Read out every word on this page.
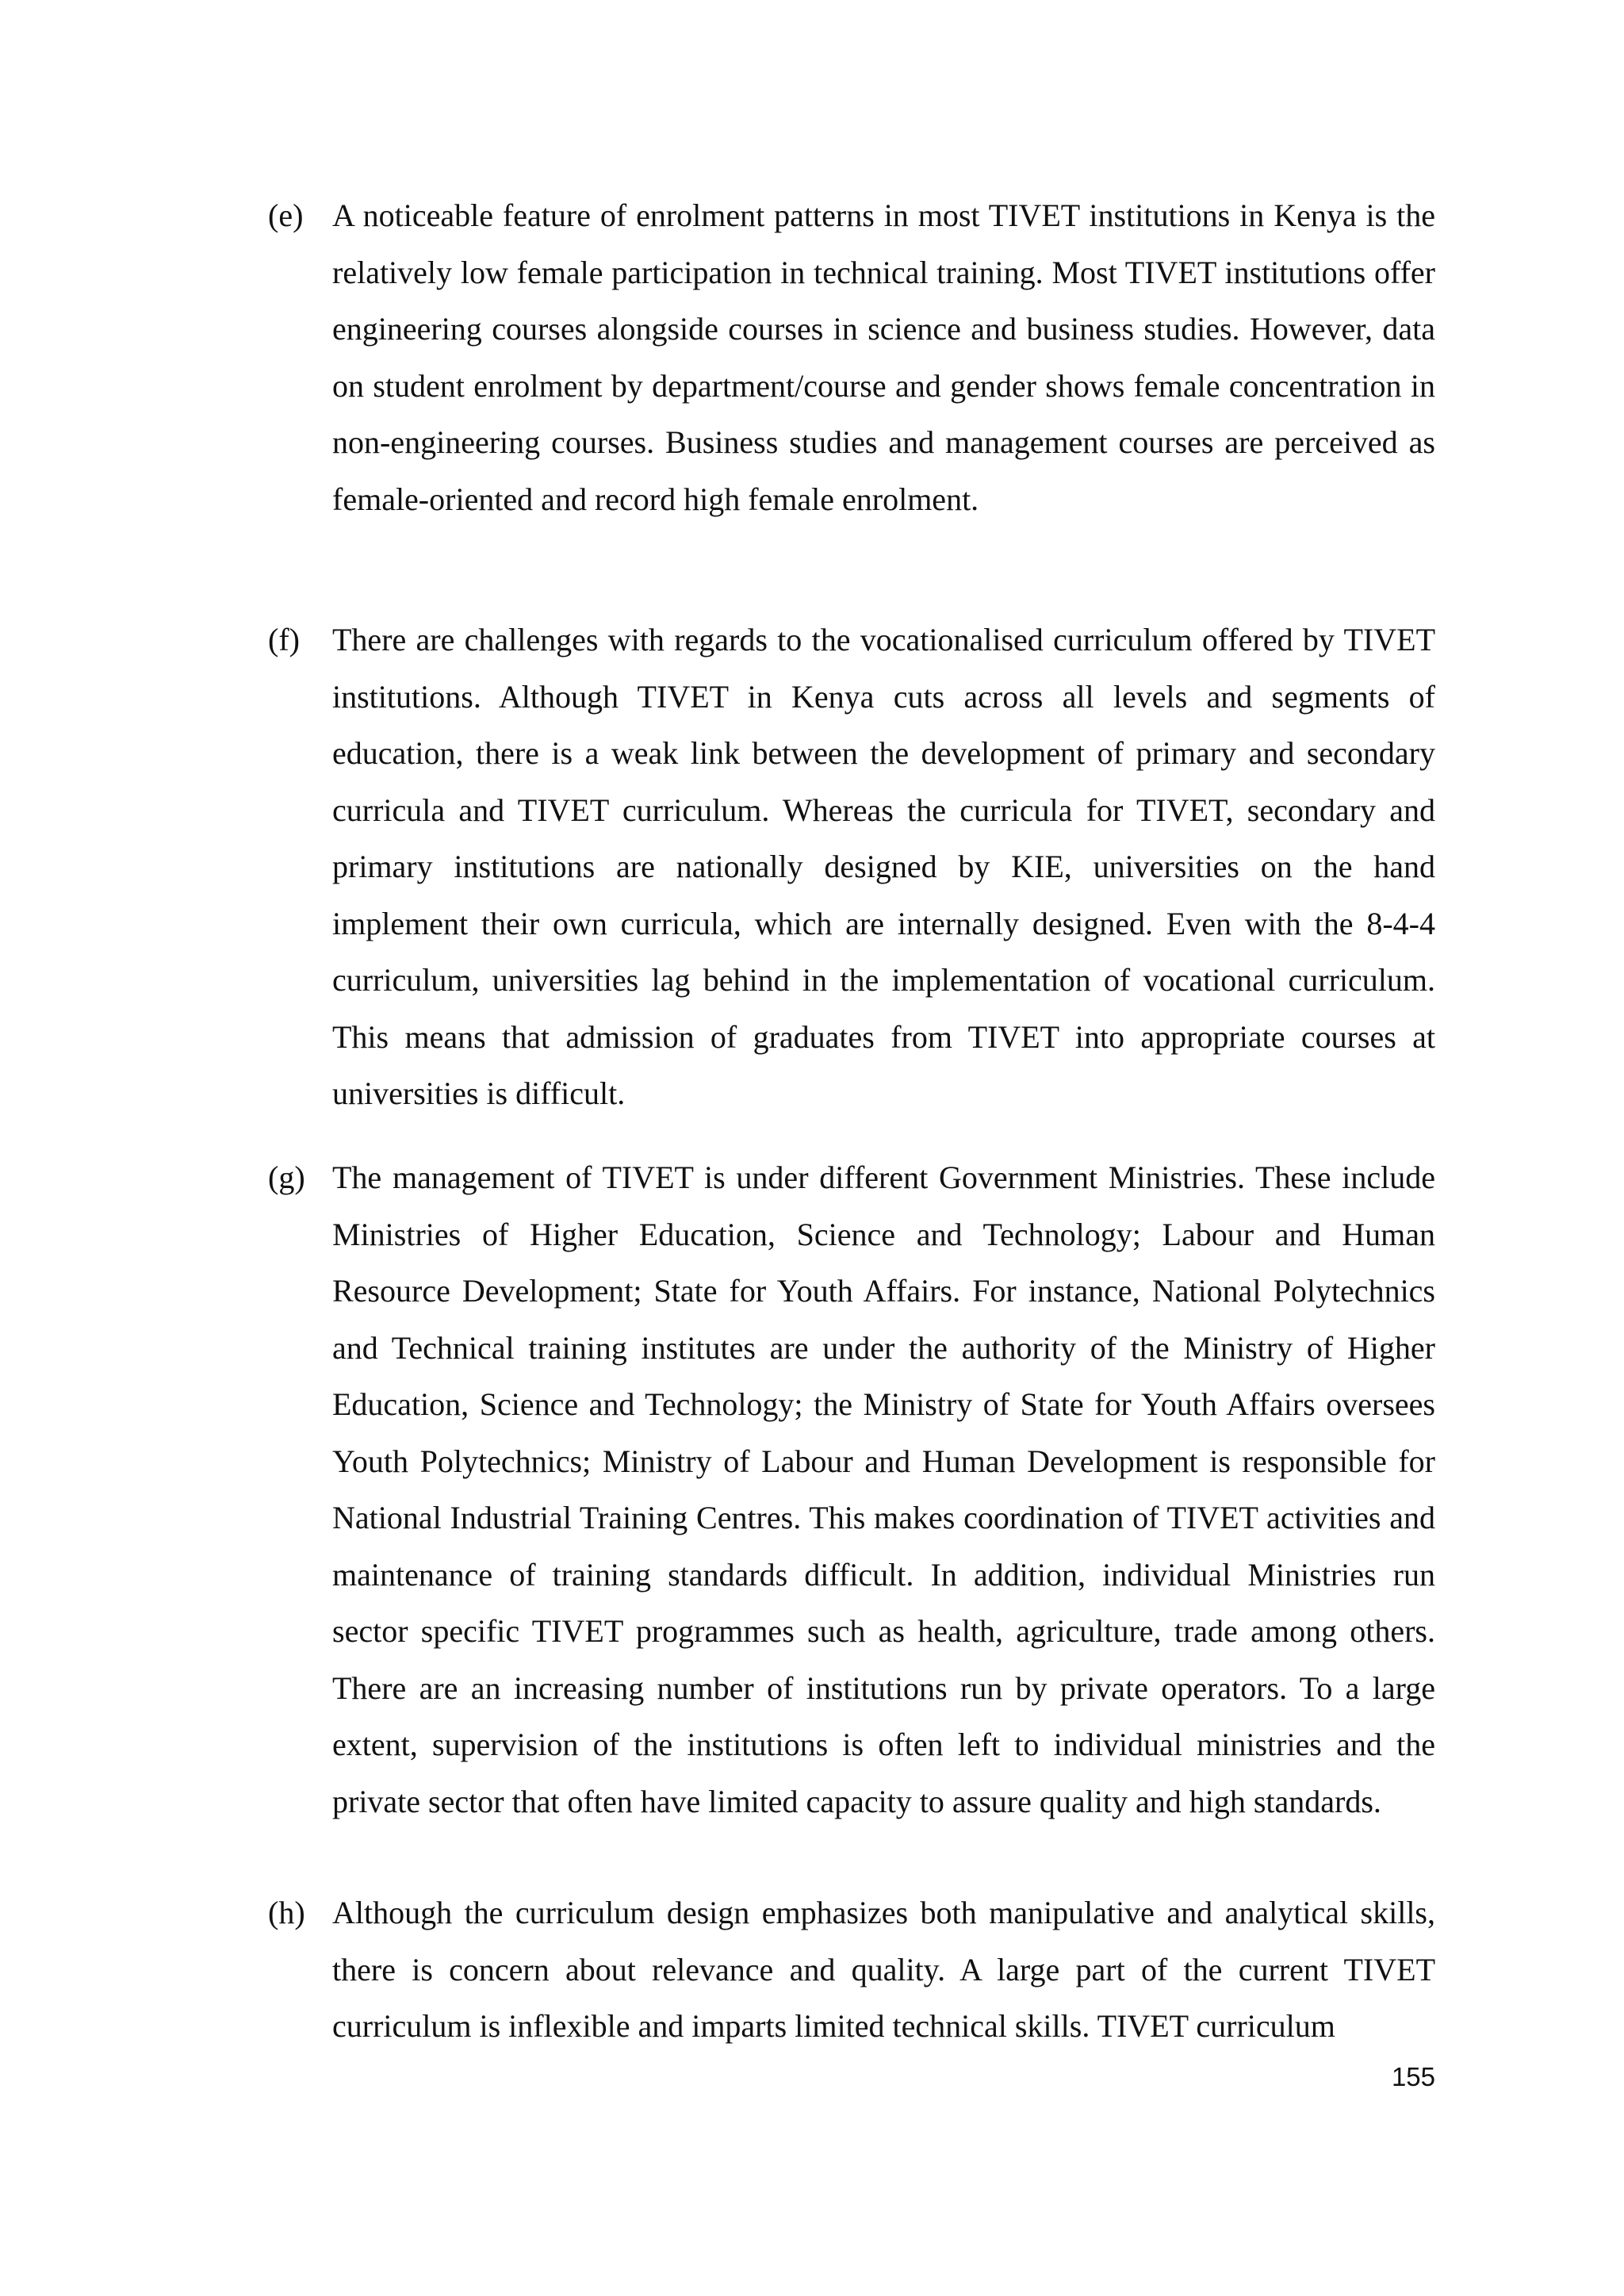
(e) A noticeable feature of enrolment patterns in most TIVET institutions in Kenya is the relatively low female participation in technical training. Most TIVET institutions offer engineering courses alongside courses in science and business studies. However, data on student enrolment by department/course and gender shows female concentration in non-engineering courses. Business studies and management courses are perceived as female-oriented and record high female enrolment.
(f)	There are challenges with regards to the vocationalised curriculum offered by TIVET institutions. Although TIVET in Kenya cuts across all levels and segments of education, there is a weak link between the development of primary and secondary curricula and TIVET curriculum. Whereas the curricula for TIVET, secondary and primary institutions are nationally designed by KIE, universities on the hand implement their own curricula, which are internally designed. Even with the 8-4-4 curriculum, universities lag behind in the implementation of vocational curriculum. This means that admission of graduates from TIVET into appropriate courses at universities is difficult.
(g) The management of TIVET is under different Government Ministries. These include Ministries of Higher Education, Science and Technology; Labour and Human Resource Development; State for Youth Affairs. For instance, National Polytechnics and Technical training institutes are under the authority of the Ministry of Higher Education, Science and Technology; the Ministry of State for Youth Affairs oversees Youth Polytechnics; Ministry of Labour and Human Development is responsible for National Industrial Training Centres. This makes coordination of TIVET activities and maintenance of training standards difficult. In addition, individual Ministries run sector specific TIVET programmes such as health, agriculture, trade among others. There are an increasing number of institutions run by private operators. To a large extent, supervision of the institutions is often left to individual ministries and the private sector that often have limited capacity to assure quality and high standards.
(h) Although the curriculum design emphasizes both manipulative and analytical skills, there is concern about relevance and quality. A large part of the current TIVET curriculum is inflexible and imparts limited technical skills. TIVET curriculum
155
